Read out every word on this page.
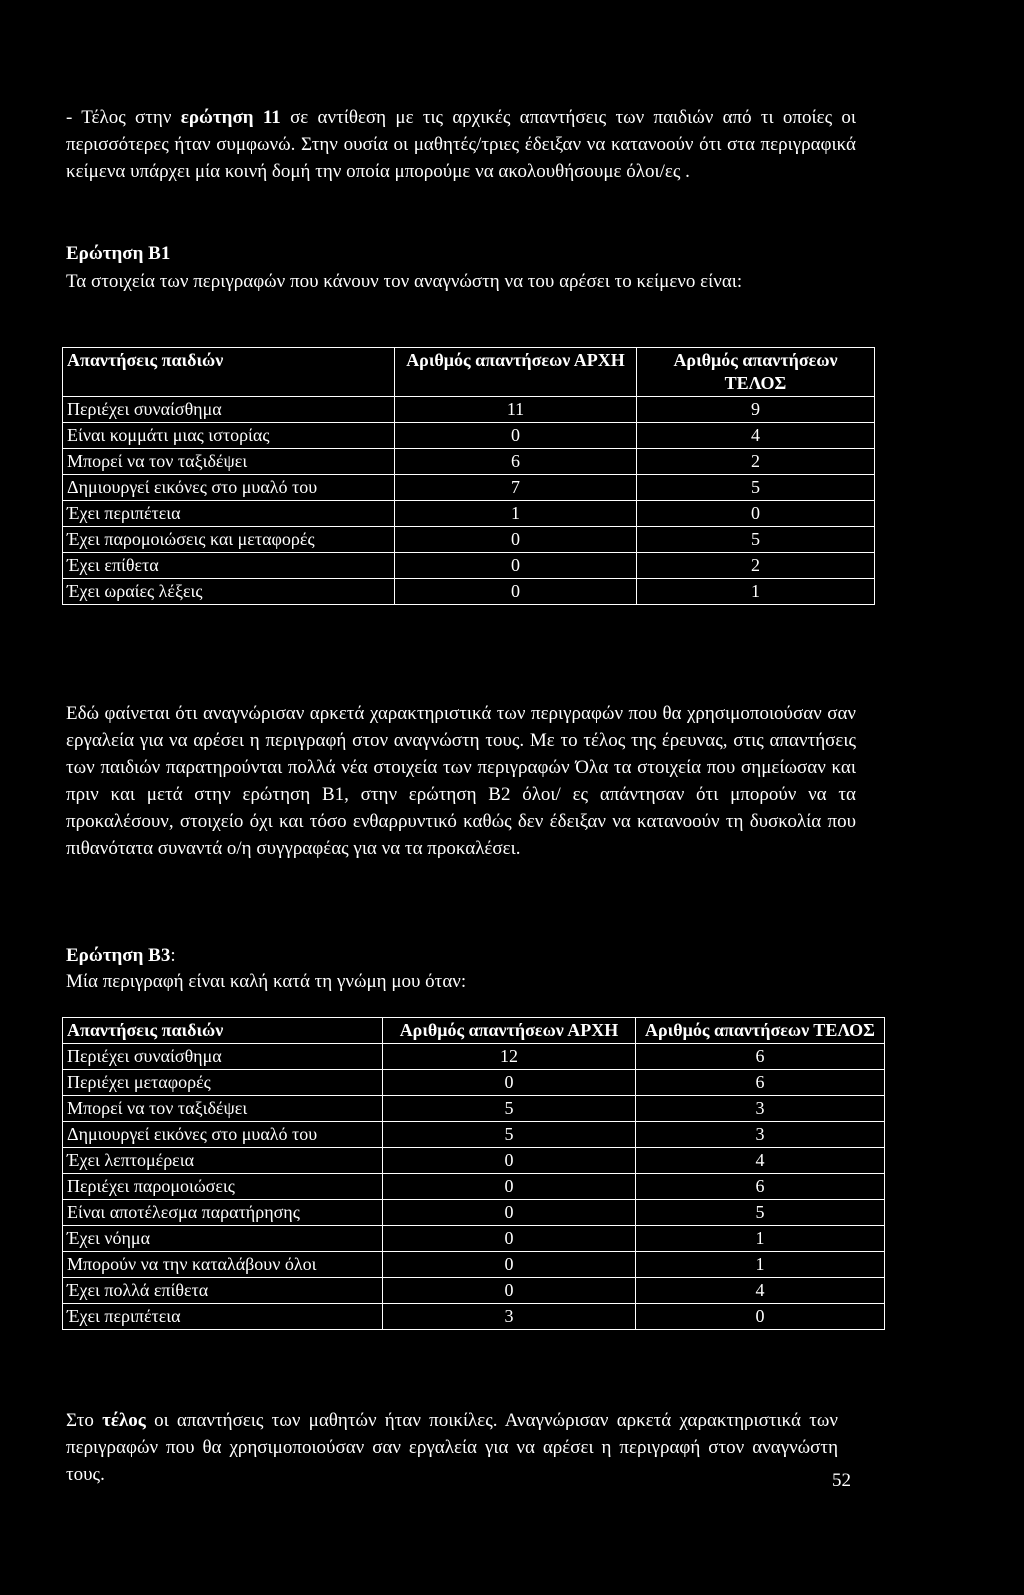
- Τέλος στην ερώτηση 11 σε αντίθεση με τις αρχικές απαντήσεις των παιδιών από τι οποίες οι περισσότερες ήταν συμφωνώ. Στην ουσία οι μαθητές/τριες έδειξαν να κατανοούν ότι στα περιγραφικά κείμενα υπάρχει μία κοινή δομή την οποία μπορούμε να ακολουθήσουμε όλοι/ες .

Ερώτηση Β1

Τα στοιχεία των περιγραφών που κάνουν τον αναγνώστη να του αρέσει το κείμενο είναι:

Απαντήσεις παιδιών	Αριθμός απαντήσεων ΑΡΧΗ	Αριθμός απαντήσεων ΤΕΛΟΣ
Περιέχει συναίσθημα	11	9
Είναι κομμάτι μιας ιστορίας	0	4
Μπορεί να τον ταξιδέψει	6	2
Δημιουργεί εικόνες στο μυαλό του	7	5
Έχει περιπέτεια	1	0
Έχει παρομοιώσεις και μεταφορές	0	5
Έχει επίθετα	0	2
Έχει ωραίες λέξεις	0	1

Εδώ φαίνεται ότι αναγνώρισαν αρκετά χαρακτηριστικά των περιγραφών που θα χρησιμοποιούσαν σαν εργαλεία για να αρέσει η περιγραφή στον αναγνώστη τους. Με το τέλος της έρευνας, στις απαντήσεις των παιδιών παρατηρούνται πολλά νέα στοιχεία των περιγραφών Όλα τα στοιχεία που σημείωσαν και πριν και μετά στην ερώτηση Β1, στην ερώτηση Β2 όλοι/ ες απάντησαν ότι μπορούν να τα προκαλέσουν, στοιχείο όχι και τόσο ενθαρρυντικό καθώς δεν έδειξαν να κατανοούν τη δυσκολία που πιθανότατα συναντά ο/η συγγραφέας για να τα προκαλέσει.

Ερώτηση Β3:

Μία περιγραφή είναι καλή κατά τη γνώμη μου όταν:

Απαντήσεις παιδιών	Αριθμός απαντήσεων ΑΡΧΗ	Αριθμός απαντήσεων ΤΕΛΟΣ
Περιέχει συναίσθημα	12	6
Περιέχει μεταφορές	0	6
Μπορεί να τον ταξιδέψει	5	3
Δημιουργεί εικόνες στο μυαλό του	5	3
Έχει λεπτομέρεια	0	4
Περιέχει παρομοιώσεις	0	6
Είναι αποτέλεσμα παρατήρησης	0	5
Έχει νόημα	0	1
Μπορούν να την καταλάβουν όλοι	0	1
Έχει πολλά επίθετα	0	4
Έχει περιπέτεια	3	0

Στο τέλος οι απαντήσεις των μαθητών ήταν ποικίλες. Αναγνώρισαν αρκετά χαρακτηριστικά των περιγραφών που θα χρησιμοποιούσαν σαν εργαλεία για να αρέσει η περιγραφή στον αναγνώστη τους.	52
